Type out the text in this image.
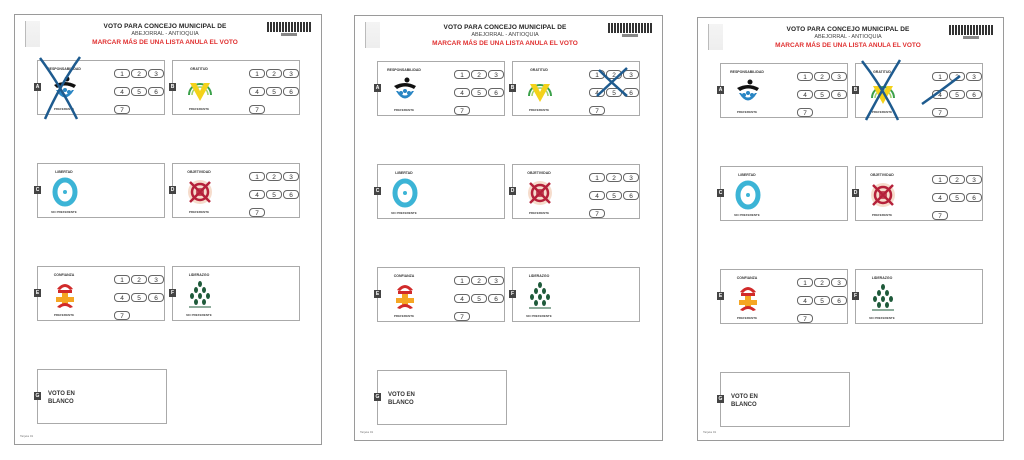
VOTO PARA CONCEJO MUNICIPAL DE
ABEJORRAL - ANTIOQUIA
MARCAR MÁS DE UNA LISTA ANULA EL VOTO
A
RESPONSABILIDAD
PREFERENTE
1 2 3
4 5 6
7
B
GRATITUD
PREFERENTE
1 2 3
4 5 6
7
C
LIBERTAD
NO PREFERENTE
D
OBJETIVIDAD
PREFERENTE
1 2 3
4 5 6
7
E
CONFIANZA
PREFERENTE
1 2 3
4 5 6
7
F
LIDERAZGO
NO PREFERENTE
G VOTO EN
BLANCO
Tarjeta 01
VOTO PARA CONCEJO MUNICIPAL DE
ABEJORRAL - ANTIOQUIA
MARCAR MÁS DE UNA LISTA ANULA EL VOTO
A
RESPONSABILIDAD
PREFERENTE
1 2 3
4 5 6
7
B
GRATITUD
PREFERENTE
1 2 3
4 5 6
7
C
LIBERTAD
NO PREFERENTE
D
OBJETIVIDAD
PREFERENTE
1 2 3
4 5 6
7
E
CONFIANZA
PREFERENTE
1 2 3
4 5 6
7
F
LIDERAZGO
NO PREFERENTE
G VOTO EN
BLANCO
Tarjeta 01
VOTO PARA CONCEJO MUNICIPAL DE
ABEJORRAL - ANTIOQUIA
MARCAR MÁS DE UNA LISTA ANULA EL VOTO
A
RESPONSABILIDAD
PREFERENTE
1 2 3
4 5 6
7
B
GRATITUD
PREFERENTE
1 2 3
4 5 6
7
C
LIBERTAD
NO PREFERENTE
D
OBJETIVIDAD
PREFERENTE
1 2 3
4 5 6
7
E
CONFIANZA
PREFERENTE
1 2 3
4 5 6
7
F
LIDERAZGO
NO PREFERENTE
G VOTO EN
BLANCO
Tarjeta 01
